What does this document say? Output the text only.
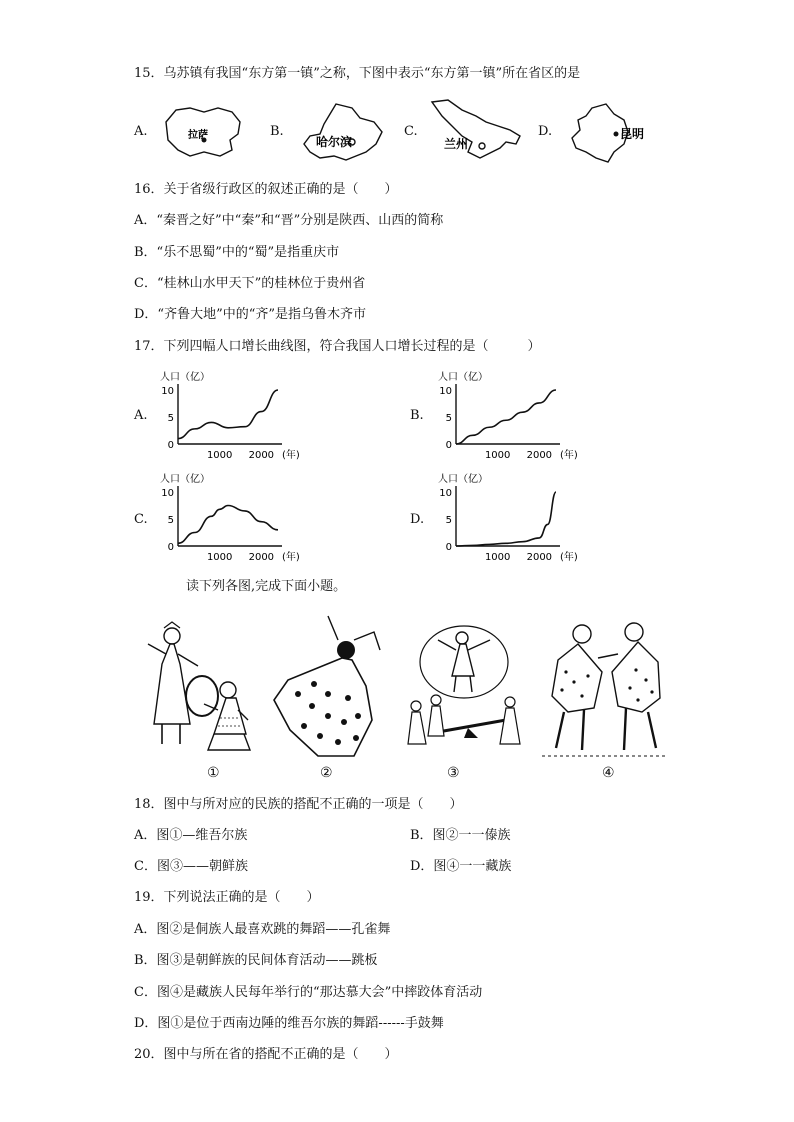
15．乌苏镇有我国“东方第一镇”之称，下图中表示“东方第一镇”所在省区的是
A.	拉萨	B.
哈尔滨
C.
兰州
D.	昆明
16．关于省级行政区的叙述正确的是（　　）
A．“秦晋之好”中“秦”和“晋”分别是陕西、山西的简称
B．“乐不思蜀”中的“蜀”是指重庆市
C．“桂林山水甲天下”的桂林位于贵州省
D．“齐鲁大地”中的“齐”是指乌鲁木齐市
17．下列四幅人口增长曲线图，符合我国人口增长过程的是（　　　）
A.	B.
C.	D.
人口（亿）
0
5
10
1000 2000 (年)
人口（亿）
0
5
10
1000 2000 (年)
人口（亿）
0
5
10
1000 2000 (年)
人口（亿）
0
5
10
1000 2000 (年)
读下列各图,完成下面小题。
①	②	③	④
18．图中与所对应的民族的搭配不正确的一项是（　　）
A．图①—维吾尔族	B．图②一一傣族
C．图③——朝鲜族	D．图④一一藏族
19．下列说法正确的是（　　）
A．图②是侗族人最喜欢跳的舞蹈——孔雀舞
B．图③是朝鲜族的民间体育活动——跳板
C．图④是藏族人民每年举行的“那达慕大会”中摔跤体育活动
D．图①是位于西南边陲的维吾尔族的舞蹈------手鼓舞
20．图中与所在省的搭配不正确的是（　　）
